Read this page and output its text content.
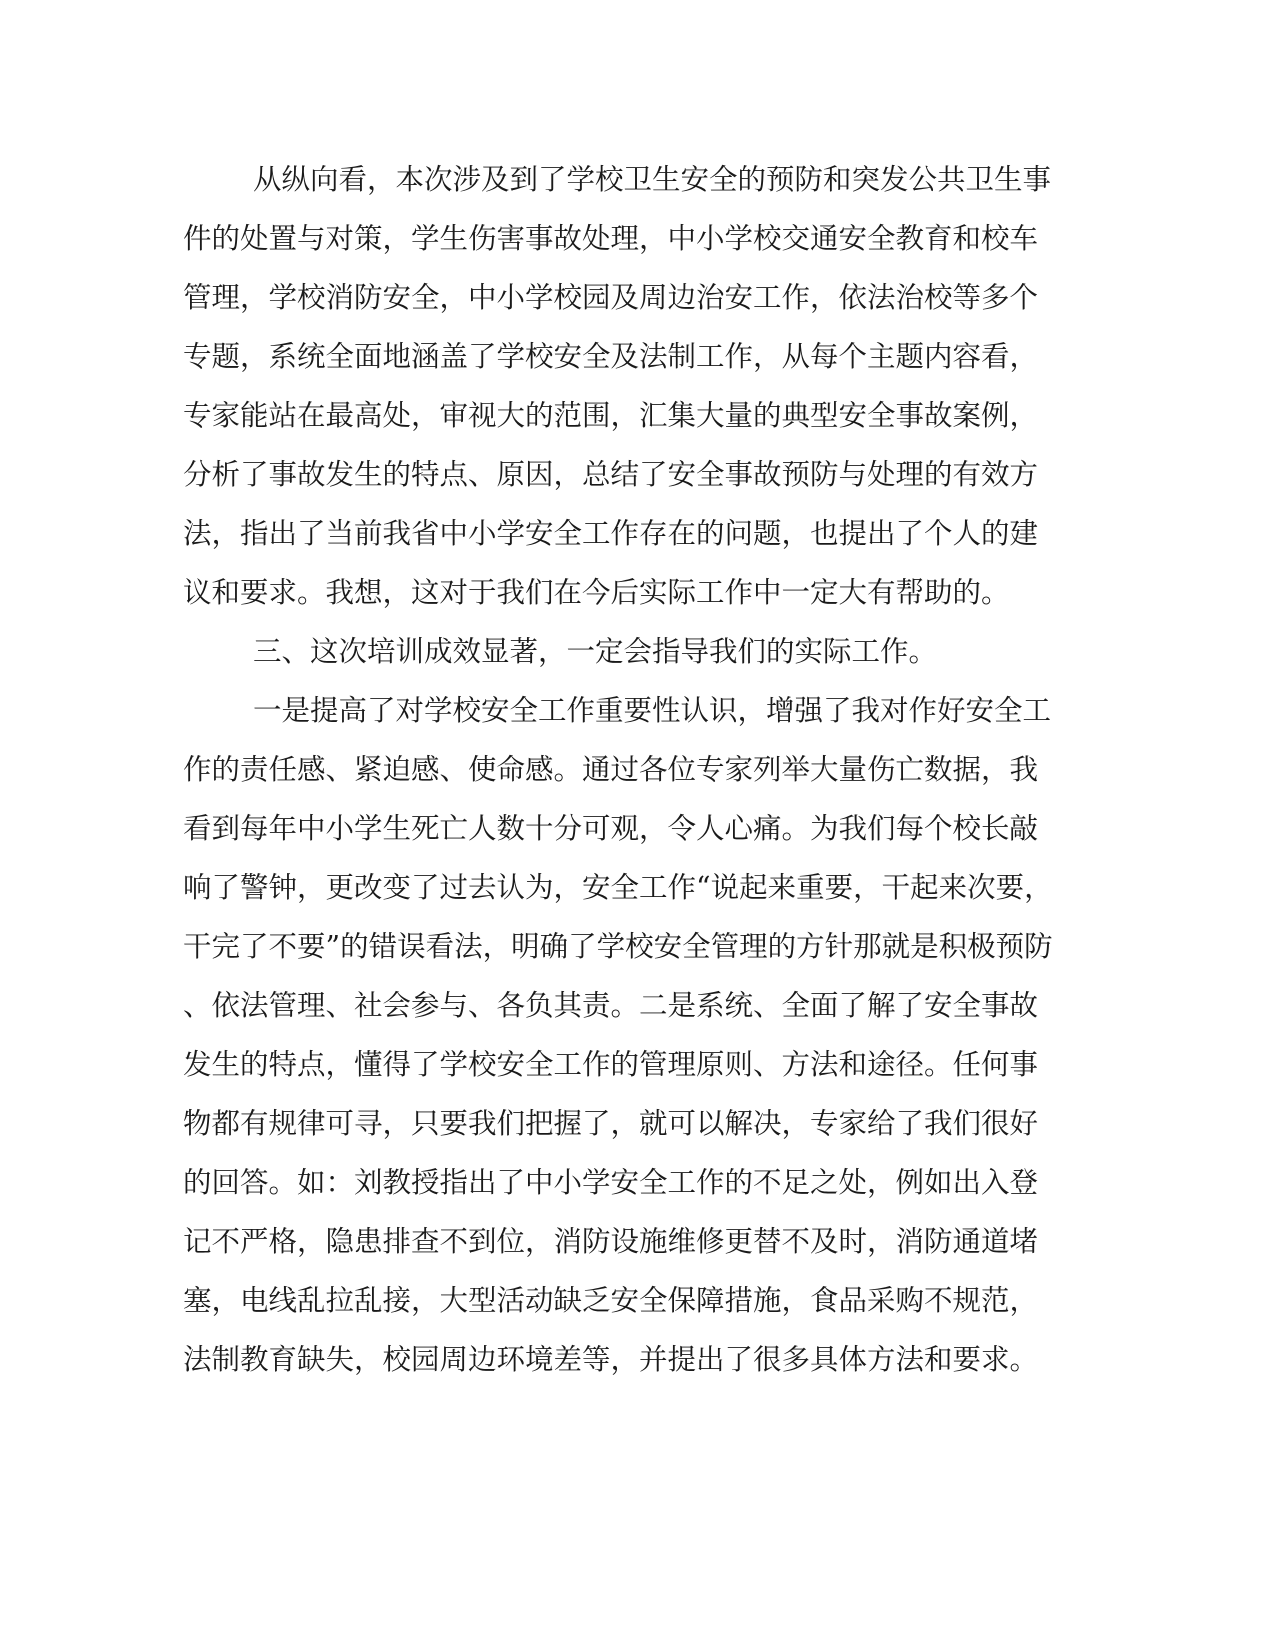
从纵向看，本次涉及到了学校卫生安全的预防和突发公共卫生事
件的处置与对策，学生伤害事故处理，中小学校交通安全教育和校车
管理，学校消防安全，中小学校园及周边治安工作，依法治校等多个
专题，系统全面地涵盖了学校安全及法制工作，从每个主题内容看，
专家能站在最高处，审视大的范围，汇集大量的典型安全事故案例，
分析了事故发生的特点、原因，总结了安全事故预防与处理的有效方
法，指出了当前我省中小学安全工作存在的问题，也提出了个人的建
议和要求。我想，这对于我们在今后实际工作中一定大有帮助的。
三、这次培训成效显著，一定会指导我们的实际工作。
一是提高了对学校安全工作重要性认识，增强了我对作好安全工
作的责任感、紧迫感、使命感。通过各位专家列举大量伤亡数据，我
看到每年中小学生死亡人数十分可观，令人心痛。为我们每个校长敲
响了警钟，更改变了过去认为，安全工作“说起来重要，干起来次要，
干完了不要”的错误看法，明确了学校安全管理的方针那就是积极预防
、依法管理、社会参与、各负其责。二是系统、全面了解了安全事故
发生的特点，懂得了学校安全工作的管理原则、方法和途径。任何事
物都有规律可寻，只要我们把握了，就可以解决，专家给了我们很好
的回答。如：刘教授指出了中小学安全工作的不足之处，例如出入登
记不严格，隐患排查不到位，消防设施维修更替不及时，消防通道堵
塞，电线乱拉乱接，大型活动缺乏安全保障措施，食品采购不规范，
法制教育缺失，校园周边环境差等，并提出了很多具体方法和要求。
